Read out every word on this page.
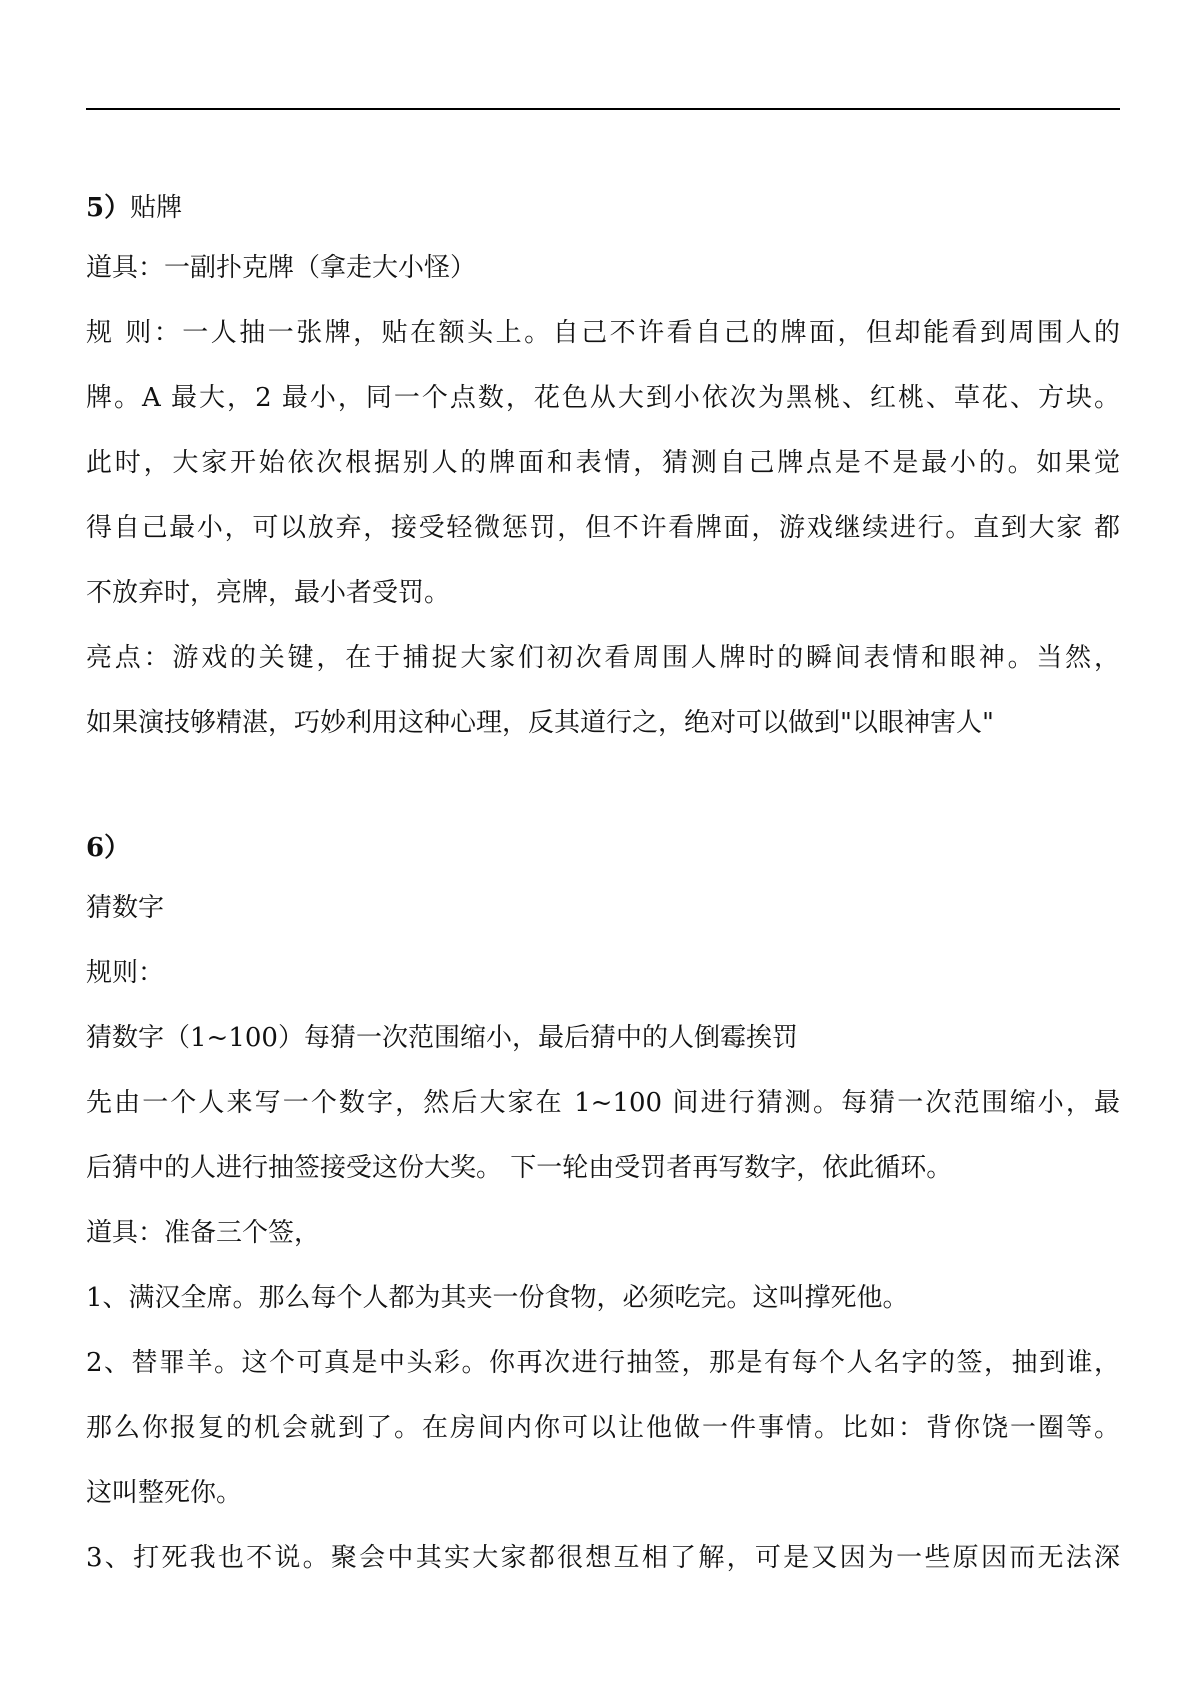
5）贴牌
道具：一副扑克牌（拿走大小怪）
规 则：一人抽一张牌，贴在额头上。自己不许看自己的牌面，但却能看到周围人的
牌。A 最大，2 最小，同一个点数，花色从大到小依次为黑桃、红桃、草花、方块。
此时，大家开始依次根据别人的牌面和表情，猜测自己牌点是不是最小的。如果觉
得自己最小，可以放弃，接受轻微惩罚，但不许看牌面，游戏继续进行。直到大家 都
不放弃时，亮牌，最小者受罚。
亮点：游戏的关键，在于捕捉大家们初次看周围人牌时的瞬间表情和眼神。当然，
如果演技够精湛，巧妙利用这种心理，反其道行之，绝对可以做到"以眼神害人"
6）
猜数字
规则：
猜数字（1~100）每猜一次范围缩小，最后猜中的人倒霉挨罚
先由一个人来写一个数字，然后大家在 1~100 间进行猜测。每猜一次范围缩小，最
后猜中的人进行抽签接受这份大奖。 下一轮由受罚者再写数字，依此循环。
道具：准备三个签，
1、满汉全席。那么每个人都为其夹一份食物，必须吃完。这叫撑死他。
2、替罪羊。这个可真是中头彩。你再次进行抽签，那是有每个人名字的签，抽到谁，
那么你报复的机会就到了。在房间内你可以让他做一件事情。比如：背你饶一圈等。
这叫整死你。
3、打死我也不说。聚会中其实大家都很想互相了解，可是又因为一些原因而无法深
